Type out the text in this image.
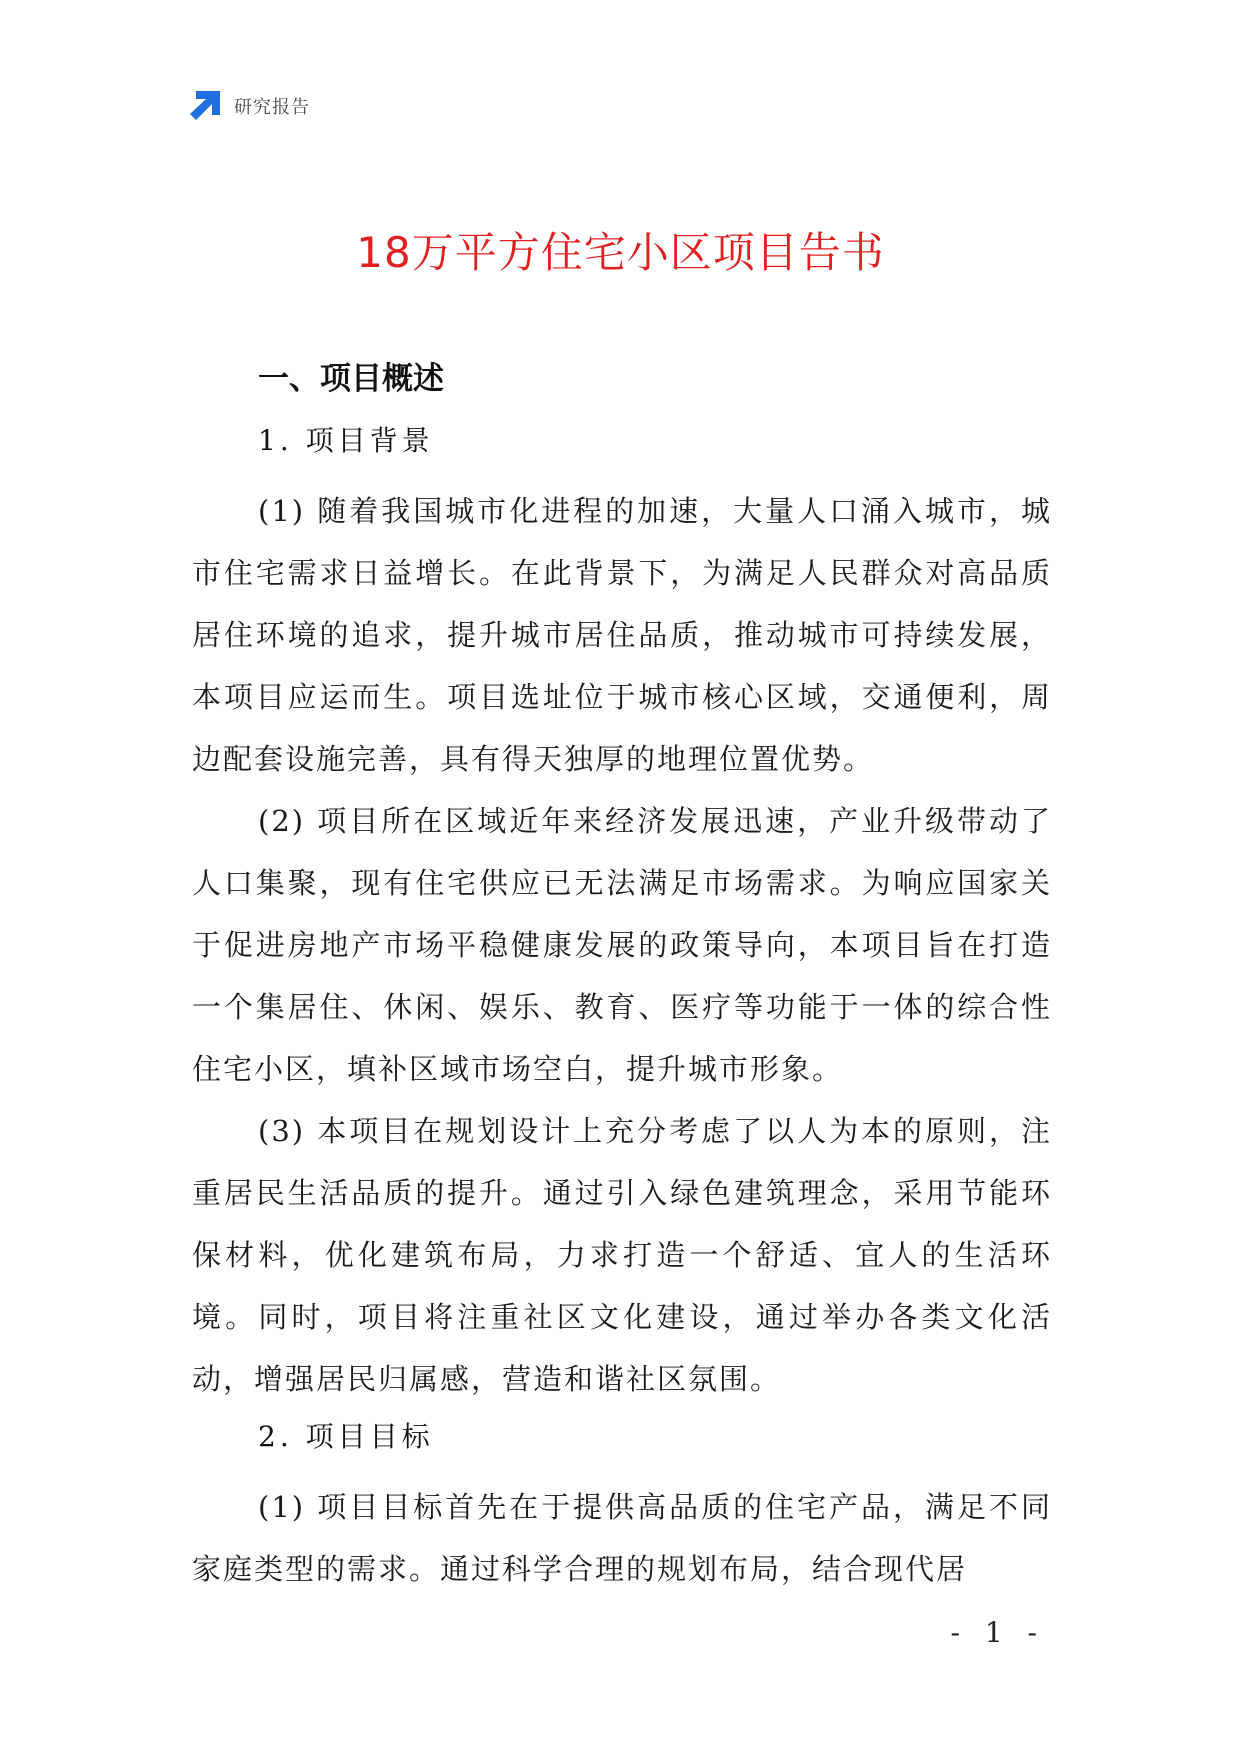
研究报告
18万平方住宅小区项目告书
一、项目概述
1. 项目背景

(1) 随着我国城市化进程的加速，大量人口涌入城市，城市住宅需求日益增长。在此背景下，为满足人民群众对高品质居住环境的追求，提升城市居住品质，推动城市可持续发展，本项目应运而生。项目选址位于城市核心区域，交通便利，周边配套设施完善，具有得天独厚的地理位置优势。

(2) 项目所在区域近年来经济发展迅速，产业升级带动了人口集聚，现有住宅供应已无法满足市场需求。为响应国家关于促进房地产市场平稳健康发展的政策导向，本项目旨在打造一个集居住、休闲、娱乐、教育、医疗等功能于一体的综合性住宅小区，填补区域市场空白，提升城市形象。

(3) 本项目在规划设计上充分考虑了以人为本的原则，注重居民生活品质的提升。通过引入绿色建筑理念，采用节能环保材料，优化建筑布局，力求打造一个舒适、宜人的生活环境。同时，项目将注重社区文化建设，通过举办各类文化活动，增强居民归属感，营造和谐社区氛围。

2. 项目目标

(1) 项目目标首先在于提供高品质的住宅产品，满足不同家庭类型的需求。通过科学合理的规划布局，结合现代居

- 1 -
